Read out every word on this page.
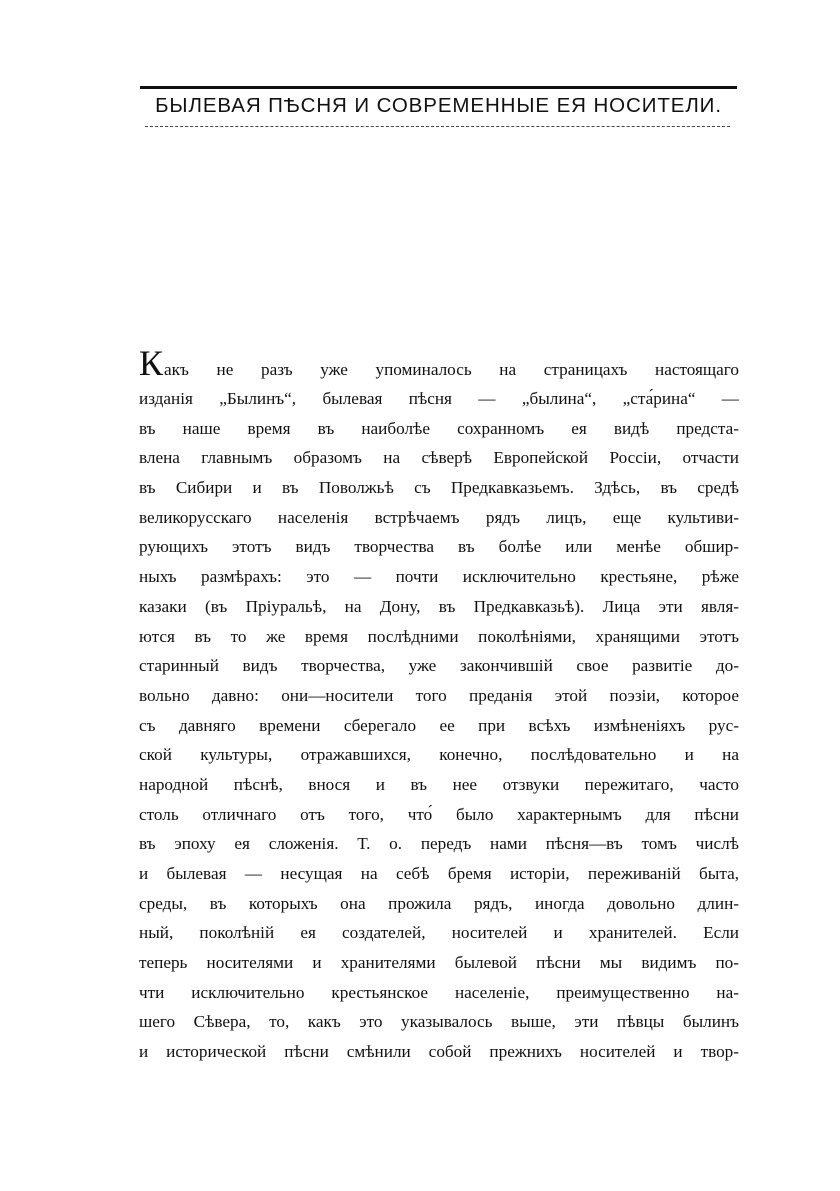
БЫЛЕВАЯ ПѢСНЯ И СОВРЕМЕННЫЕ ЕЯ НОСИТЕЛИ.
Какъ не разъ уже упоминалось на страницахъ настоящаго
изданія „Былинъ“, былевая пѣсня — „былина“, „ста́рина“ —
въ наше время въ наиболѣе сохранномъ ея видѣ предста-
влена главнымъ образомъ на сѣверѣ Европейской Россіи, отчасти
въ Сибири и въ Поволжьѣ съ Предкавказьемъ. Здѣсь, въ средѣ
великорусскаго населенія встрѣчаемъ рядъ лицъ, еще культиви-
рующихъ этотъ видъ творчества въ болѣе или менѣе обшир-
ныхъ размѣрахъ: это — почти исключительно крестьяне, рѣже
казаки (въ Пріуральѣ, на Дону, въ Предкавказьѣ). Лица эти явля-
ются въ то же время послѣдними поколѣніями, хранящими этотъ
старинный видъ творчества, уже закончившій свое развитіе до-
вольно давно: они—носители того преданія этой поэзіи, которое
съ давняго времени сберегало ее при всѣхъ измѣненіяхъ рус-
ской культуры, отражавшихся, конечно, послѣдовательно и на
народной пѣснѣ, внося и въ нее отзвуки пережитаго, часто
столь отличнаго отъ того, что́ было характернымъ для пѣсни
въ эпоху ея сложенія. Т. о. передъ нами пѣсня—въ томъ числѣ
и былевая — несущая на себѣ бремя исторіи, переживаній быта,
среды, въ которыхъ она прожила рядъ, иногда довольно длин-
ный, поколѣній ея создателей, носителей и хранителей. Если
теперь носителями и хранителями былевой пѣсни мы видимъ по-
чти исключительно крестьянское населеніе, преимущественно на-
шего Сѣвера, то, какъ это указывалось выше, эти пѣвцы былинъ
и исторической пѣсни смѣнили собой прежнихъ носителей и твор-
